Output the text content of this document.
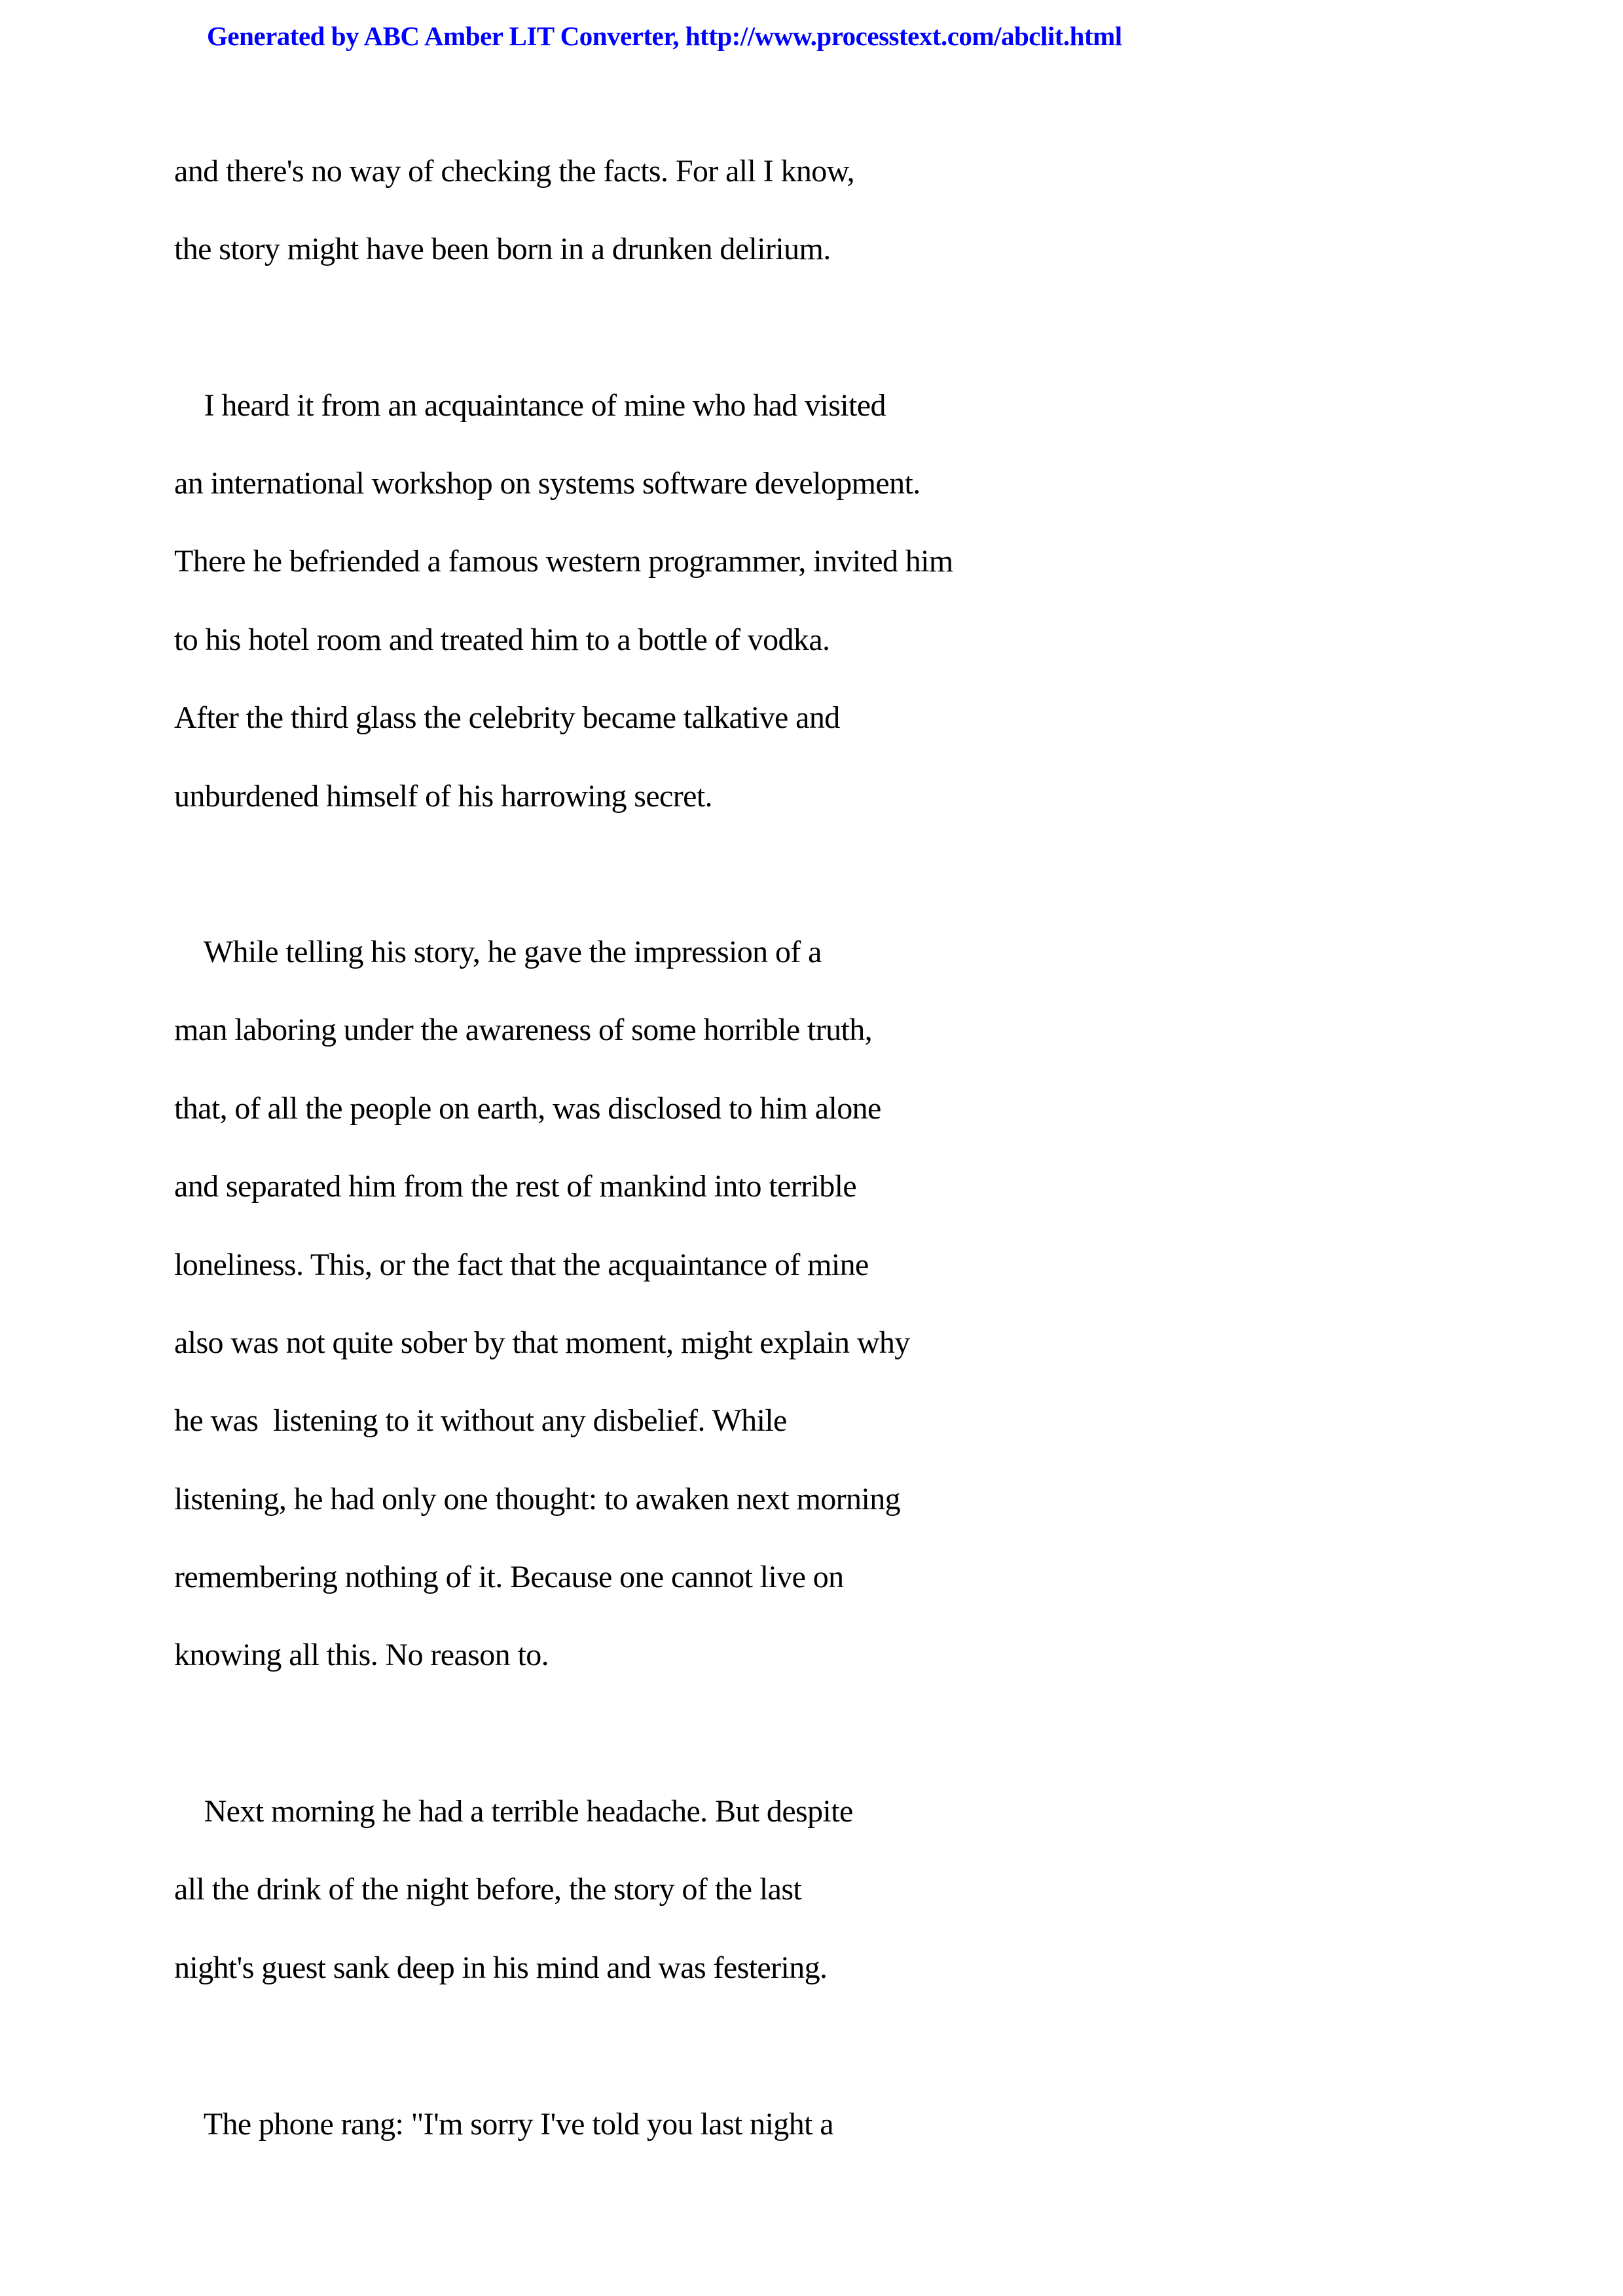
Generated by ABC Amber LIT Converter, http://www.processtext.com/abclit.html
and there's no way of checking the facts. For all I know,
the story might have been born in a drunken delirium.
I heard it from an acquaintance of mine who had visited
an international workshop on systems software development.
There he befriended a famous western programmer, invited him
to his hotel room and treated him to a bottle of vodka.
After the third glass the celebrity became talkative and
unburdened himself of his harrowing secret.
While telling his story, he gave the impression of a
man laboring under the awareness of some horrible truth,
that, of all the people on earth, was disclosed to him alone
and separated him from the rest of mankind into terrible
loneliness. This, or the fact that the acquaintance of mine
also was not quite sober by that moment, might explain why
he was  listening to it without any disbelief. While
listening, he had only one thought: to awaken next morning
remembering nothing of it. Because one cannot live on
knowing all this. No reason to.
Next morning he had a terrible headache. But despite
all the drink of the night before, the story of the last
night's guest sank deep in his mind and was festering.
The phone rang: "I'm sorry I've told you last night a
